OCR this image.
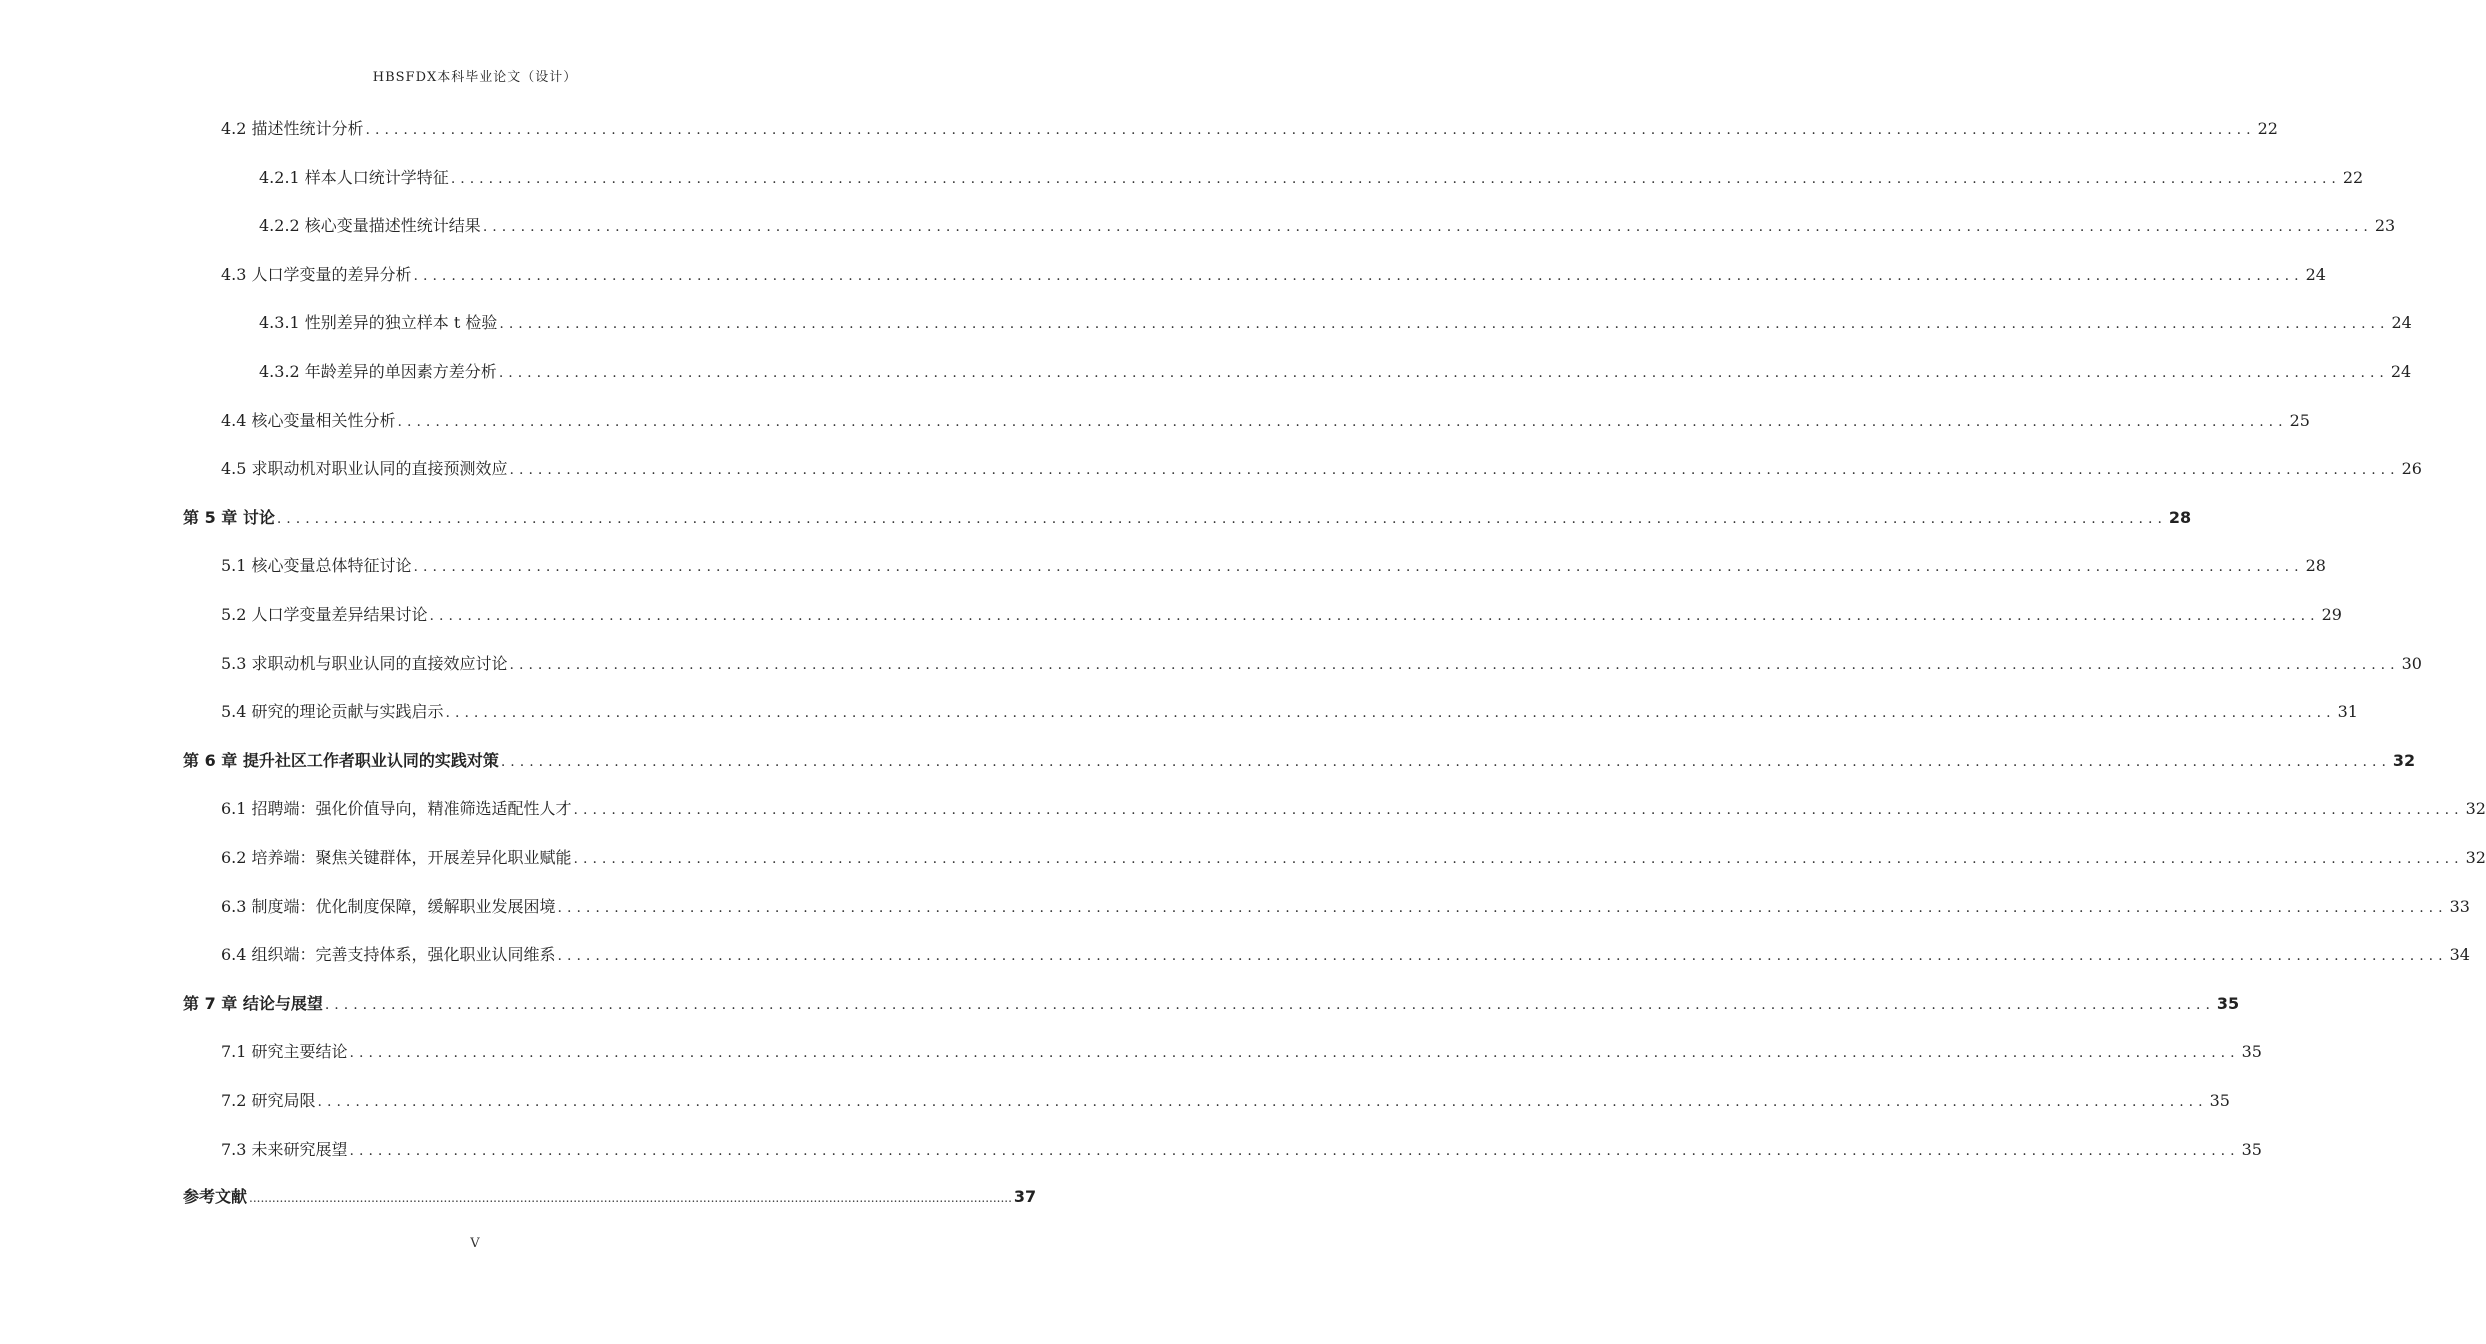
HBSFDX本科毕业论文（设计）
4.2 描述性统计分析 ........................................................................................................................................................................................................ 22
4.2.1 样本人口统计学特征 ........................................................................................................................................................................................................ 22
4.2.2 核心变量描述性统计结果 ........................................................................................................................................................................................................ 23
4.3 人口学变量的差异分析 ........................................................................................................................................................................................................ 24
4.3.1 性别差异的独立样本 t 检验 ........................................................................................................................................................................................................ 24
4.3.2 年龄差异的单因素方差分析 ........................................................................................................................................................................................................ 24
4.4 核心变量相关性分析 ........................................................................................................................................................................................................ 25
4.5 求职动机对职业认同的直接预测效应 ........................................................................................................................................................................................................ 26
第 5 章 讨论 ........................................................................................................................................................................................................ 28
5.1 核心变量总体特征讨论 ........................................................................................................................................................................................................ 28
5.2 人口学变量差异结果讨论 ........................................................................................................................................................................................................ 29
5.3 求职动机与职业认同的直接效应讨论 ........................................................................................................................................................................................................ 30
5.4 研究的理论贡献与实践启示 ........................................................................................................................................................................................................ 31
第 6 章 提升社区工作者职业认同的实践对策 ........................................................................................................................................................................................................ 32
6.1 招聘端：强化价值导向，精准筛选适配性人才 ........................................................................................................................................................................................................ 32
6.2 培养端：聚焦关键群体，开展差异化职业赋能 ........................................................................................................................................................................................................ 32
6.3 制度端：优化制度保障，缓解职业发展困境 ........................................................................................................................................................................................................ 33
6.4 组织端：完善支持体系，强化职业认同维系 ........................................................................................................................................................................................................ 34
第 7 章 结论与展望 ........................................................................................................................................................................................................ 35
7.1 研究主要结论 ........................................................................................................................................................................................................ 35
7.2 研究局限 ........................................................................................................................................................................................................ 35
7.3 未来研究展望 ........................................................................................................................................................................................................ 35
参考文献 ........................................................................................................................................................................................................ 37
V
